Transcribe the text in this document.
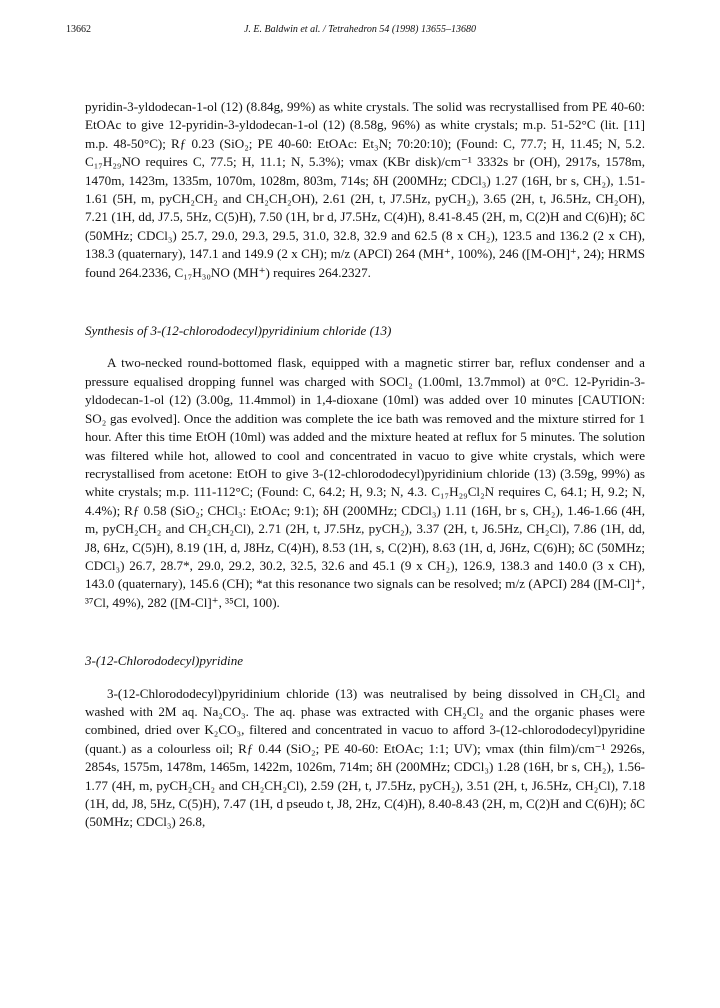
13662	J. E. Baldwin et al. / Tetrahedron 54 (1998) 13655–13680

pyridin-3-yldodecan-1-ol (12) (8.84g, 99%) as white crystals. The solid was recrystallised from PE 40-60: EtOAc to give 12-pyridin-3-yldodecan-1-ol (12) (8.58g, 96%) as white crystals; m.p. 51-52°C (lit. [11] m.p. 48-50°C); Rƒ 0.23 (SiO₂; PE 40-60: EtOAc: Et₃N; 70:20:10); (Found: C, 77.7; H, 11.45; N, 5.2. C₁₇H₂₉NO requires C, 77.5; H, 11.1; N, 5.3%); νmax (KBr disk)/cm⁻¹ 3332s br (OH), 2917s, 1578m, 1470m, 1423m, 1335m, 1070m, 1028m, 803m, 714s; δH (200MHz; CDCl₃) 1.27 (16H, br s, CH₂), 1.51-1.61 (5H, m, pyCH₂CH₂ and CH₂CH₂OH), 2.61 (2H, t, J7.5Hz, pyCH₂), 3.65 (2H, t, J6.5Hz, CH₂OH), 7.21 (1H, dd, J7.5, 5Hz, C(5)H), 7.50 (1H, br d, J7.5Hz, C(4)H), 8.41-8.45 (2H, m, C(2)H and C(6)H); δC (50MHz; CDCl₃) 25.7, 29.0, 29.3, 29.5, 31.0, 32.8, 32.9 and 62.5 (8 x CH₂), 123.5 and 136.2 (2 x CH), 138.3 (quaternary), 147.1 and 149.9 (2 x CH); m/z (APCI) 264 (MH⁺, 100%), 246 ([M-OH]⁺, 24); HRMS found 264.2336, C₁₇H₃₀NO (MH⁺) requires 264.2327.

Synthesis of 3-(12-chlorododecyl)pyridinium chloride (13)

A two-necked round-bottomed flask, equipped with a magnetic stirrer bar, reflux condenser and a pressure equalised dropping funnel was charged with SOCl₂ (1.00ml, 13.7mmol) at 0°C. 12-Pyridin-3-yldodecan-1-ol (12) (3.00g, 11.4mmol) in 1,4-dioxane (10ml) was added over 10 minutes [CAUTION: SO₂ gas evolved]. Once the addition was complete the ice bath was removed and the mixture stirred for 1 hour. After this time EtOH (10ml) was added and the mixture heated at reflux for 5 minutes. The solution was filtered while hot, allowed to cool and concentrated in vacuo to give white crystals, which were recrystallised from acetone: EtOH to give 3-(12-chlorododecyl)pyridinium chloride (13) (3.59g, 99%) as white crystals; m.p. 111-112°C; (Found: C, 64.2; H, 9.3; N, 4.3. C₁₇H₂₉Cl₂N requires C, 64.1; H, 9.2; N, 4.4%); Rƒ 0.58 (SiO₂; CHCl₃: EtOAc; 9:1); δH (200MHz; CDCl₃) 1.11 (16H, br s, CH₂), 1.46-1.66 (4H, m, pyCH₂CH₂ and CH₂CH₂Cl), 2.71 (2H, t, J7.5Hz, pyCH₂), 3.37 (2H, t, J6.5Hz, CH₂Cl), 7.86 (1H, dd, J8, 6Hz, C(5)H), 8.19 (1H, d, J8Hz, C(4)H), 8.53 (1H, s, C(2)H), 8.63 (1H, d, J6Hz, C(6)H); δC (50MHz; CDCl₃) 26.7, 28.7*, 29.0, 29.2, 30.2, 32.5, 32.6 and 45.1 (9 x CH₂), 126.9, 138.3 and 140.0 (3 x CH), 143.0 (quaternary), 145.6 (CH); *at this resonance two signals can be resolved; m/z (APCI) 284 ([M-Cl]⁺, ³⁷Cl, 49%), 282 ([M-Cl]⁺, ³⁵Cl, 100).

3-(12-Chlorododecyl)pyridine

3-(12-Chlorododecyl)pyridinium chloride (13) was neutralised by being dissolved in CH₂Cl₂ and washed with 2M aq. Na₂CO₃. The aq. phase was extracted with CH₂Cl₂ and the organic phases were combined, dried over K₂CO₃, filtered and concentrated in vacuo to afford 3-(12-chlorododecyl)pyridine (quant.) as a colourless oil; Rƒ 0.44 (SiO₂; PE 40-60: EtOAc; 1:1; UV); νmax (thin film)/cm⁻¹ 2926s, 2854s, 1575m, 1478m, 1465m, 1422m, 1026m, 714m; δH (200MHz; CDCl₃) 1.28 (16H, br s, CH₂), 1.56-1.77 (4H, m, pyCH₂CH₂ and CH₂CH₂Cl), 2.59 (2H, t, J7.5Hz, pyCH₂), 3.51 (2H, t, J6.5Hz, CH₂Cl), 7.18 (1H, dd, J8, 5Hz, C(5)H), 7.47 (1H, d pseudo t, J8, 2Hz, C(4)H), 8.40-8.43 (2H, m, C(2)H and C(6)H); δC (50MHz; CDCl₃) 26.8,
